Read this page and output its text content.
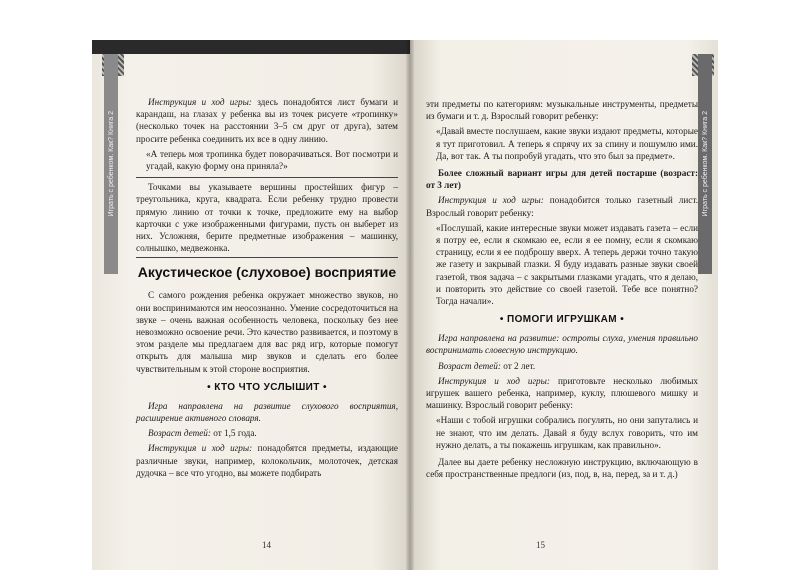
Играть с ребенком. Как? Книга 2

Инструкция и ход игры: здесь понадобятся лист бумаги и карандаш, на глазах у ребенка вы из точек рисуете «тропинку» (несколько точек на расстоянии 3–5 см друг от друга), затем просите ребенка соединить их все в одну линию.

«А теперь моя тропинка будет поворачиваться. Вот посмотри и угадай, какую форму она приняла?»

Точками вы указываете вершины простейших фигур – треугольника, круга, квадрата. Если ребенку трудно провести прямую линию от точки к точке, предложите ему на выбор карточки с уже изображенными фигурами, пусть он выберет из них. Усложняя, берите предметные изображения – машинку, солнышко, медвежонка.

Акустическое (слуховое) восприятие

С самого рождения ребенка окружает множество звуков, но они воспринимаются им неосознанно. Умение сосредоточиться на звуке – очень важная особенность человека, поскольку без нее невозможно освоение речи. Это качество развивается, и поэтому в этом разделе мы предлагаем для вас ряд игр, которые помогут открыть для малыша мир звуков и сделать его более чувствительным к этой стороне восприятия.

• КТО ЧТО УСЛЫШИТ •

Игра направлена на развитие слухового восприятия, расширение активного словаря.

Возраст детей: от 1,5 года.

Инструкция и ход игры: понадобятся предметы, издающие различные звуки, например, колокольчик, молоточек, детская дудочка – все что угодно, вы можете подбирать

14
Играть с ребенком. Как? Книга 2

эти предметы по категориям: музыкальные инструменты, предметы из бумаги и т. д. Взрослый говорит ребенку:

«Давай вместе послушаем, какие звуки издают предметы, которые я тут приготовил. А теперь я спрячу их за спину и пошумлю ими. Да, вот так. А ты попробуй угадать, что это был за предмет».

Более сложный вариант игры для детей постарше (возраст: от 3 лет)

Инструкция и ход игры: понадобится только газетный лист. Взрослый говорит ребенку:

«Послушай, какие интересные звуки может издавать газета – если я потру ее, если я скомкаю ее, если я ее помну, если я скомкаю страницу, если я ее подброшу вверх. А теперь держи точно такую же газету и закрывай глазки. Я буду издавать разные звуки своей газетой, твоя задача – с закрытыми глазками угадать, что я делаю, и повторить это действие со своей газетой. Тебе все понятно? Тогда начали».

• ПОМОГИ ИГРУШКАМ •

Игра направлена на развитие: остроты слуха, умения правильно воспринимать словесную инструкцию.

Возраст детей: от 2 лет.

Инструкция и ход игры: приготовьте несколько любимых игрушек вашего ребенка, например, куклу, плюшевого мишку и машинку. Взрослый говорит ребенку:

«Наши с тобой игрушки собрались погулять, но они запутались и не знают, что им делать. Давай я буду вслух говорить, что им нужно делать, а ты покажешь игрушкам, как правильно».

Далее вы даете ребенку несложную инструкцию, включающую в себя пространственные предлоги (из, под, в, на, перед, за и т. д.)

15
